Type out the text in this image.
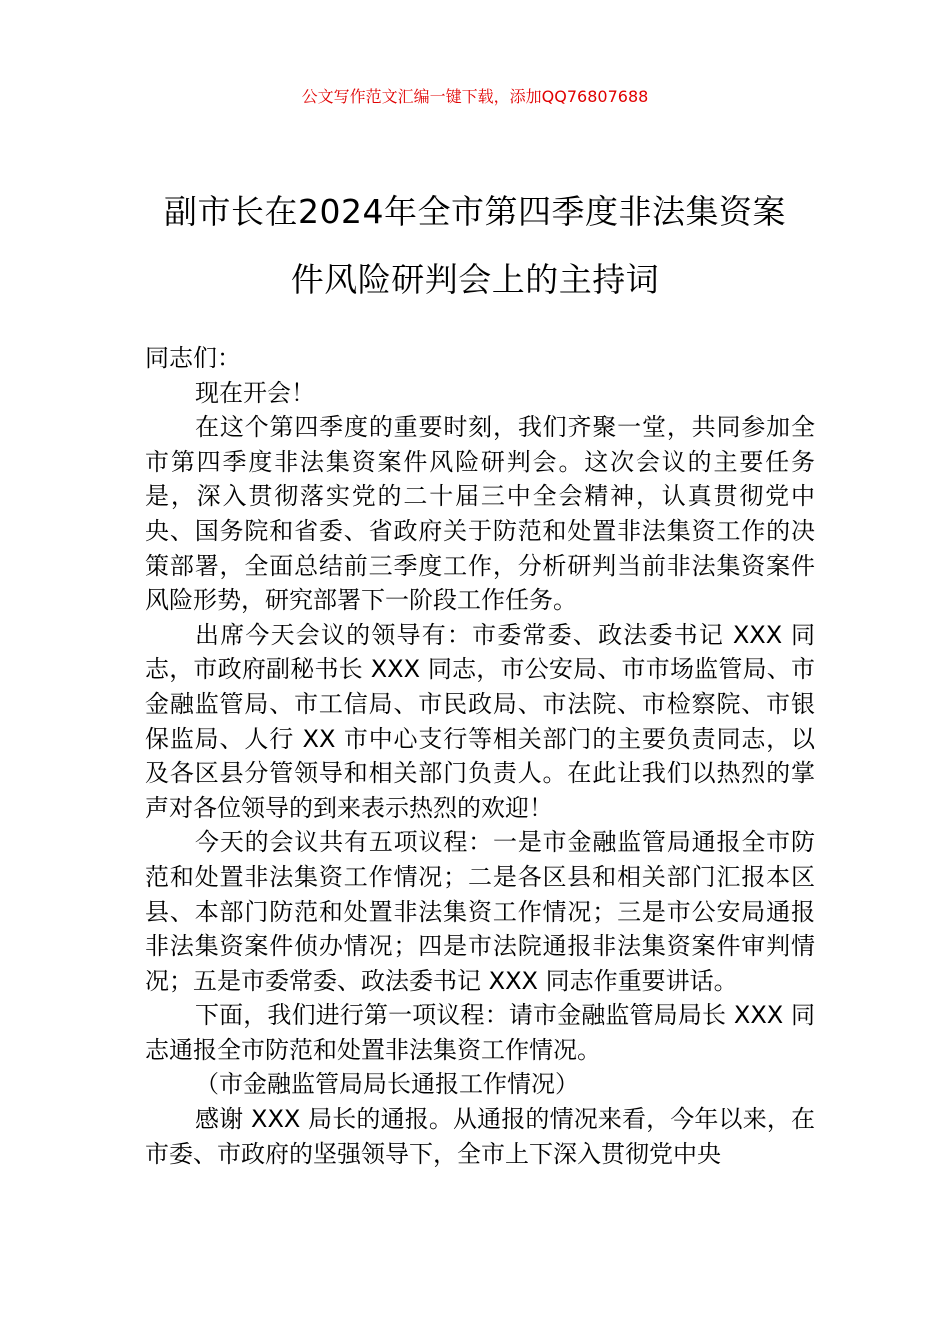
公文写作范文汇编一键下载，添加QQ76807688
副市长在2024年全市第四季度非法集资案
件风险研判会上的主持词

同志们：

现在开会！

在这个第四季度的重要时刻，我们齐聚一堂，共同参加全市第四季度非法集资案件风险研判会。这次会议的主要任务是，深入贯彻落实党的二十届三中全会精神，认真贯彻党中央、国务院和省委、省政府关于防范和处置非法集资工作的决策部署，全面总结前三季度工作，分析研判当前非法集资案件风险形势，研究部署下一阶段工作任务。

出席今天会议的领导有：市委常委、政法委书记 XXX 同志，市政府副秘书长 XXX 同志，市公安局、市市场监管局、市金融监管局、市工信局、市民政局、市法院、市检察院、市银保监局、人行 XX 市中心支行等相关部门的主要负责同志，以及各区县分管领导和相关部门负责人。在此让我们以热烈的掌声对各位领导的到来表示热烈的欢迎！

今天的会议共有五项议程：一是市金融监管局通报全市防范和处置非法集资工作情况；二是各区县和相关部门汇报本区县、本部门防范和处置非法集资工作情况；三是市公安局通报非法集资案件侦办情况；四是市法院通报非法集资案件审判情况；五是市委常委、政法委书记 XXX 同志作重要讲话。

下面，我们进行第一项议程：请市金融监管局局长 XXX 同志通报全市防范和处置非法集资工作情况。

（市金融监管局局长通报工作情况）

感谢 XXX 局长的通报。从通报的情况来看，今年以来，在市委、市政府的坚强领导下，全市上下深入贯彻党中央
